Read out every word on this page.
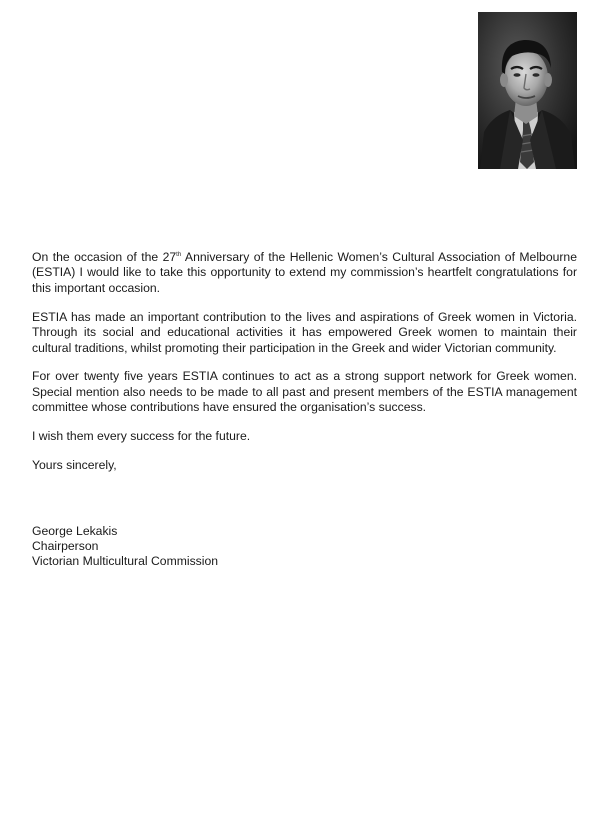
On the occasion of the 27th Anniversary of the Hellenic Women’s Cultural Association of Melbourne (ESTIA) I would like to take this opportunity to extend my commission’s heartfelt congratulations for this important occasion.

ESTIA has made an important contribution to the lives and aspirations of Greek women in Victoria. Through its social and educational activities it has empowered Greek women to maintain their cultural traditions, whilst promoting their participation in the Greek and wider Victorian community.

For over twenty five years ESTIA continues to act as a strong support network for Greek women. Special mention also needs to be made to all past and present members of the ESTIA management committee whose contributions have ensured the organisation’s success.

I wish them every success for the future.

Yours sincerely,

George Lekakis
Chairperson
Victorian Multicultural Commission
